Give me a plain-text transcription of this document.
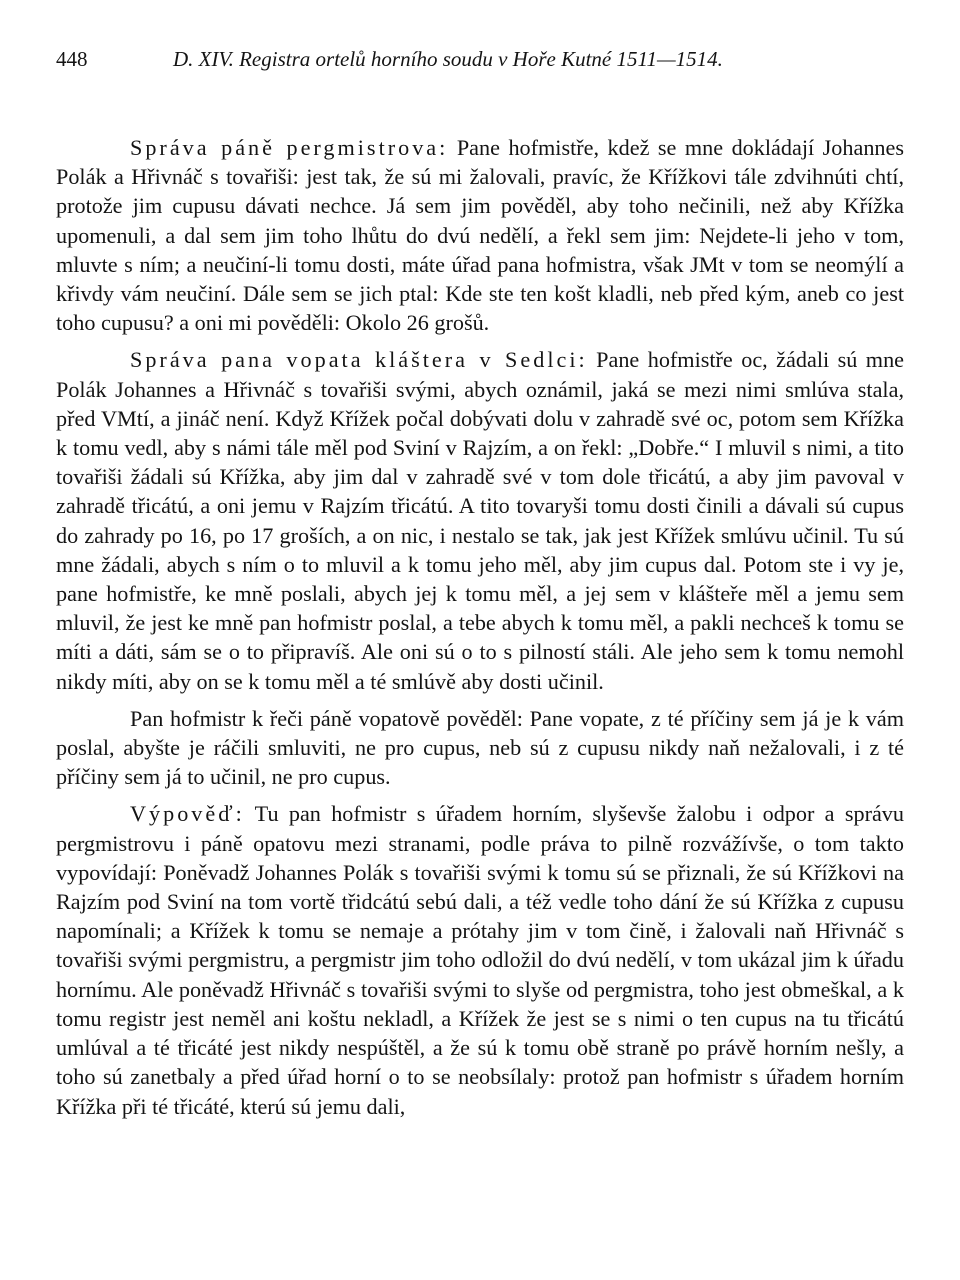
448	D. XIV. Registra ortelů horního soudu v Hoře Kutné 1511—1514.

Správa páně pergmistrova: Pane hofmistře, kdež se mne dokládají Johannes Polák a Hřivnáč s tovařiši: jest tak, že sú mi žalovali, pravíc, že Křížkovi tále zdvihnúti chtí, protože jim cupusu dávati nechce. Já sem jim pověděl, aby toho nečinili, než aby Křížka upomenuli, a dal sem jim toho lhůtu do dvú nedělí, a řekl sem jim: Nejdete-li jeho v tom, mluvte s ním; a neučiní-li tomu dosti, máte úřad pana hofmistra, však JMt v tom se neomýlí a křivdy vám neučiní. Dále sem se jich ptal: Kde ste ten košt kladli, neb před kým, aneb co jest toho cupusu? a oni mi pověděli: Okolo 26 grošů.

Správa pana vopata kláštera v Sedlci: Pane hofmistře oc, žádali sú mne Polák Johannes a Hřivnáč s tovařiši svými, abych oznámil, jaká se mezi nimi smlúva stala, před VMtí, a jináč není. Když Křížek počal dobývati dolu v zahradě své oc, potom sem Křížka k tomu vedl, aby s námi tále měl pod Sviní v Rajzím, a on řekl: „Dobře.“ I mluvil s nimi, a tito tovařiši žádali sú Křížka, aby jim dal v zahradě své v tom dole třicátú, a aby jim pavoval v zahradě třicátú, a oni jemu v Rajzím třicátú. A tito tovaryši tomu dosti činili a dávali sú cupus do zahrady po 16, po 17 groších, a on nic, i nestalo se tak, jak jest Křížek smlúvu učinil. Tu sú mne žádali, abych s ním o to mluvil a k tomu jeho měl, aby jim cupus dal. Potom ste i vy je, pane hofmistře, ke mně poslali, abych jej k tomu měl, a jej sem v klášteře měl a jemu sem mluvil, že jest ke mně pan hofmistr poslal, a tebe abych k tomu měl, a pakli nechceš k tomu se míti a dáti, sám se o to připravíš. Ale oni sú o to s pilností stáli. Ale jeho sem k tomu nemohl nikdy míti, aby on se k tomu měl a té smlúvě aby dosti učinil.

Pan hofmistr k řeči páně vopatově pověděl: Pane vopate, z té příčiny sem já je k vám poslal, abyšte je ráčili smluviti, ne pro cupus, neb sú z cupusu nikdy naň nežalovali, i z té příčiny sem já to učinil, ne pro cupus.

Výpověď: Tu pan hofmistr s úřadem horním, slyševše žalobu i odpor a správu pergmistrovu i páně opatovu mezi stranami, podle práva to pilně rozvážívše, o tom takto vypovídají: Poněvadž Johannes Polák s tovařiši svými k tomu sú se přiznali, že sú Křížkovi na Rajzím pod Sviní na tom vortě třidcátú sebú dali, a též vedle toho dání že sú Křížka z cupusu napomínali; a Křížek k tomu se nemaje a prótahy jim v tom čině, i žalovali naň Hřivnáč s tovařiši svými pergmistru, a pergmistr jim toho odložil do dvú nedělí, v tom ukázal jim k úřadu hornímu. Ale poněvadž Hřivnáč s tovařiši svými to slyše od pergmistra, toho jest obmeškal, a k tomu registr jest neměl ani koštu nekladl, a Křížek že jest se s nimi o ten cupus na tu třicátú umlúval a té třicáté jest nikdy nespúštěl, a že sú k tomu obě straně po právě horním nešly, a toho sú zanetbaly a před úřad horní o to se neobsílaly: protož pan hofmistr s úřadem horním Křížka při té třicáté, kterú sú jemu dali,
